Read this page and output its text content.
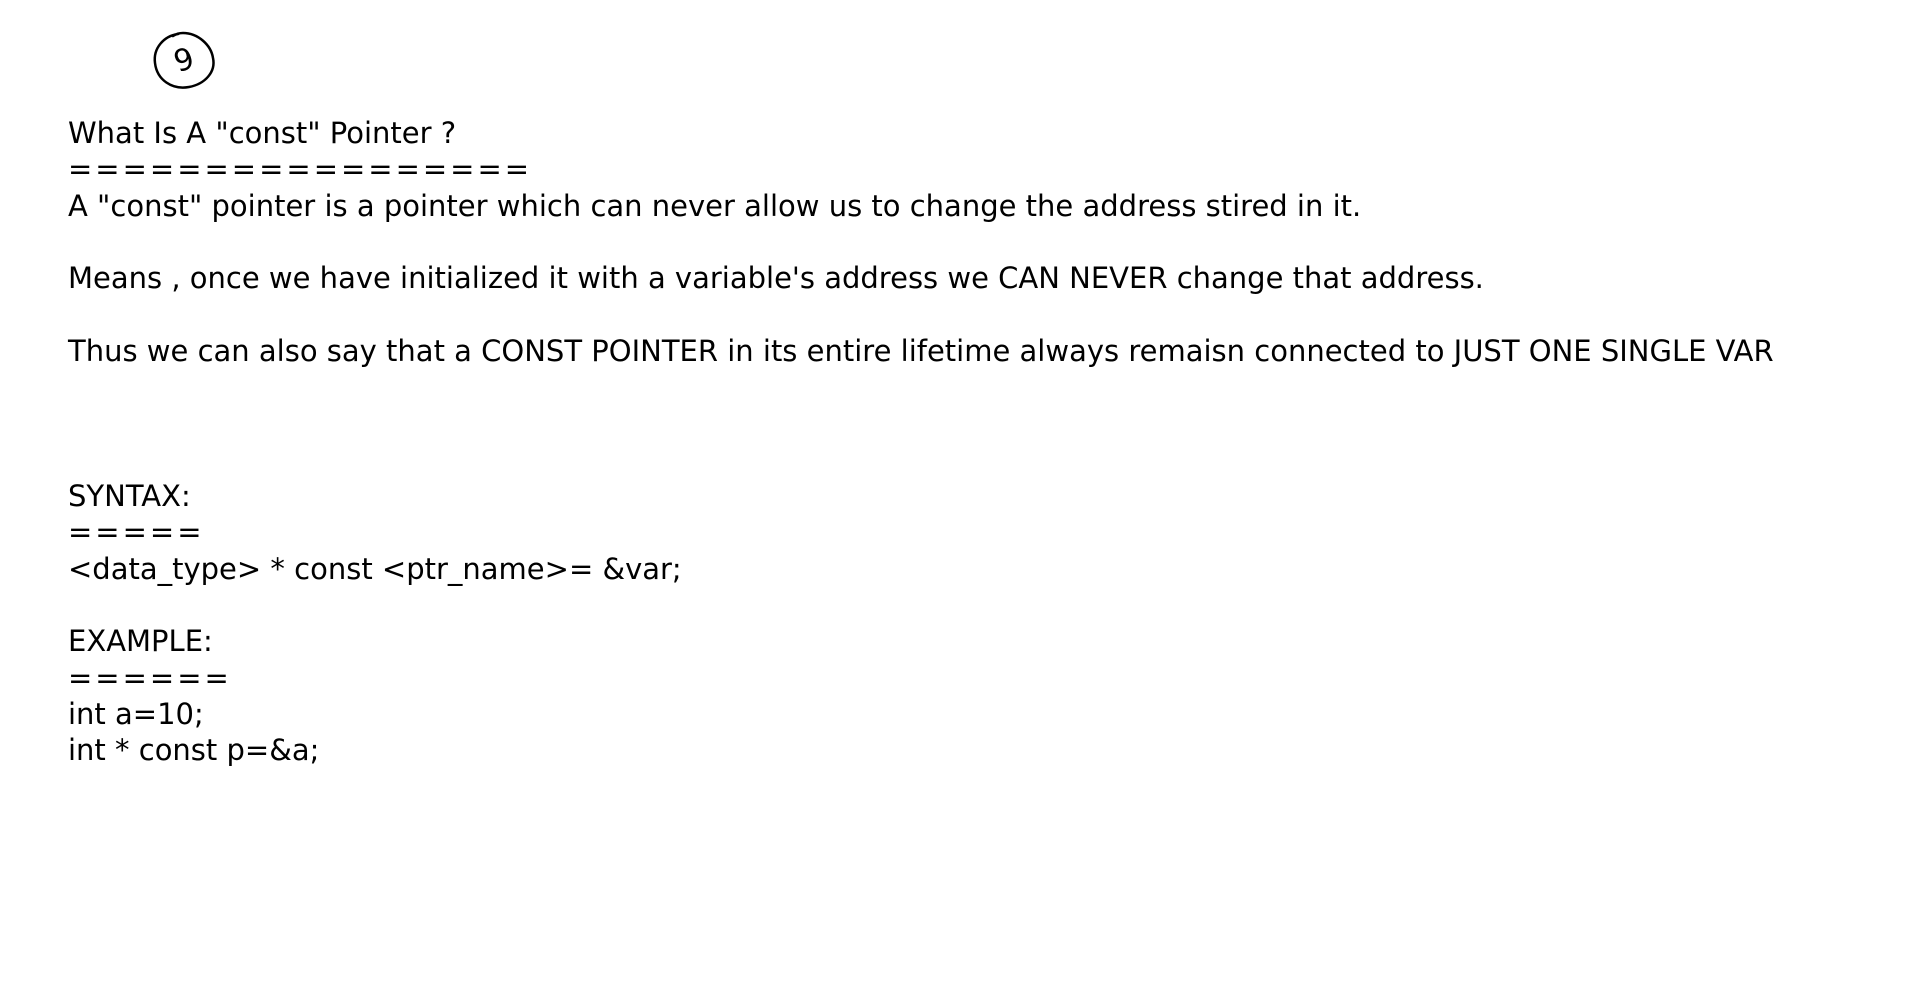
9
What Is A "const" Pointer ?
=================
A "const" pointer is a pointer which can never allow us to change the address stired in it.
Means , once we have initialized it with a variable's address we CAN NEVER change that address.
Thus we can also say that a CONST POINTER in its entire lifetime always remaisn connected to JUST ONE SINGLE VAR
SYNTAX:
=====
<data_type> * const <ptr_name>= &var;
EXAMPLE:
======
int a=10;
int * const p=&a;
